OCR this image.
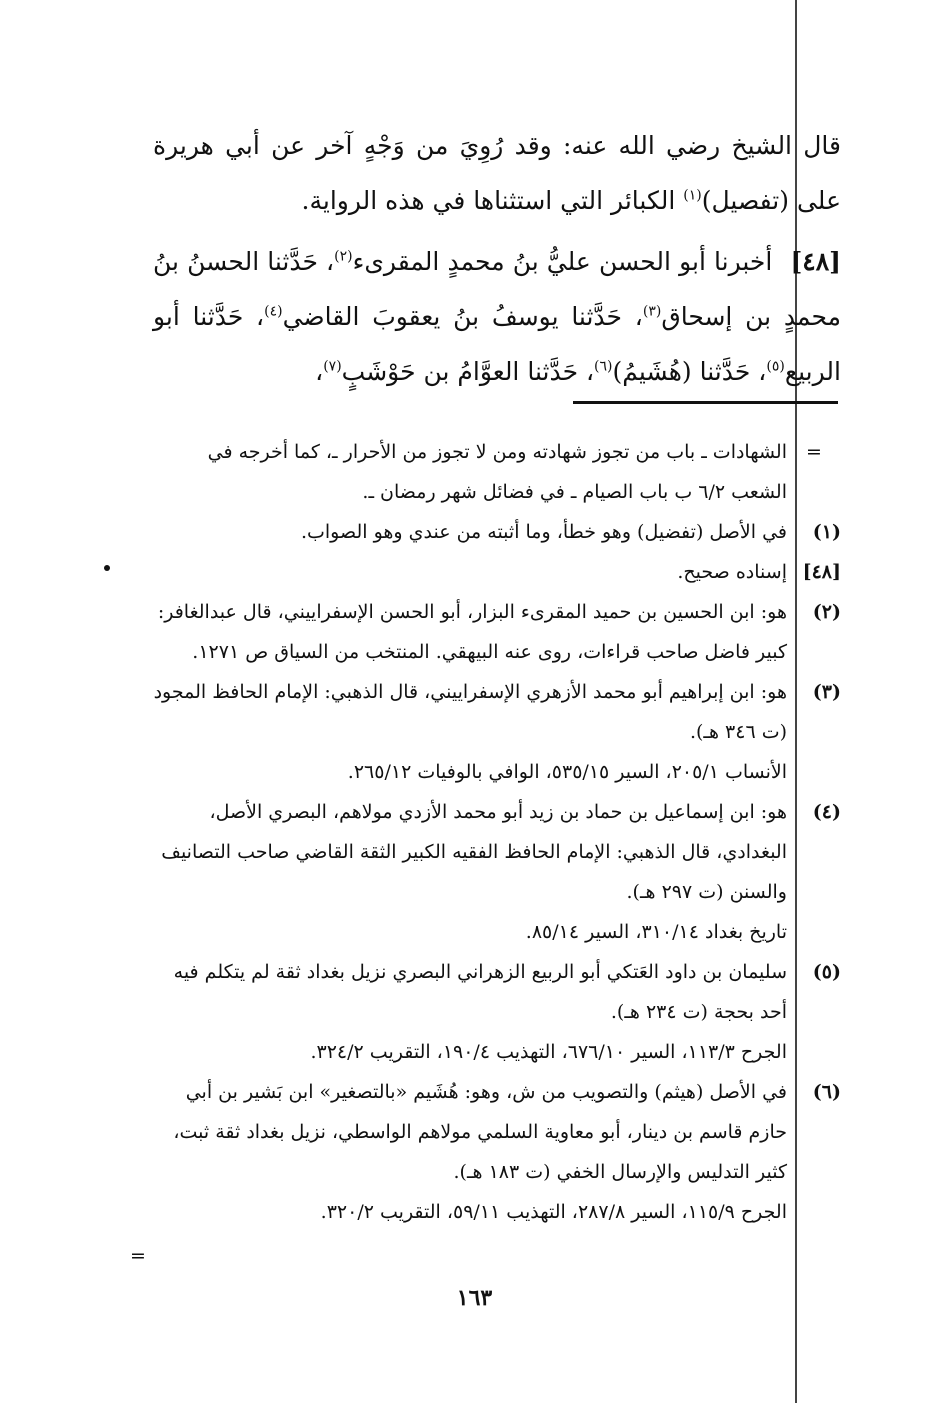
قال الشيخ رضي الله عنه: وقد رُوِيَ من وَجْهٍ آخر عن أبي هريرة على (تفصيل)$^{(١)}$ الكبائر التي استثناها في هذه الرواية.

[٤٨] أخبرنا أبو الحسن عليُّ بنُ محمدٍ المقرىء$^{(٢)}$، حَدَّثنا الحسنُ بنُ محمدٍ بن إسحاق$^{(٣)}$، حَدَّثنا يوسفُ بنُ يعقوبَ القاضي$^{(٤)}$، حَدَّثنا أبو الربيع$^{(٥)}$، حَدَّثنا (هُشَيمُ)$^{(٦)}$، حَدَّثنا العوَّامُ بن حَوْشَبٍ$^{(٧)}$،

=

الشهادات ـ باب من تجوز شهادته ومن لا تجوز من الأحرار ـ، كما أخرجه في الشعب ٦/٢ ب باب الصيام ـ في فضائل شهر رمضان ـ.

(١)

في الأصل (تفضيل) وهو خطأ، وما أثبته من عندي وهو الصواب.

[٤٨]

إسناده صحيح.

(٢)

هو: ابن الحسين بن حميد المقرىء البزار، أبو الحسن الإسفراييني، قال عبدالغافر: كبير فاضل صاحب قراءات، روى عنه البيهقي. المنتخب من السياق ص ١٢٧١.

(٣)

هو: ابن إبراهيم أبو محمد الأزهري الإسفراييني، قال الذهبي: الإمام الحافظ المجود (ت ٣٤٦ هـ).

الأنساب ٢٠٥/١، السير ٥٣٥/١٥، الوافي بالوفيات ٢٦٥/١٢.

(٤)

هو: ابن إسماعيل بن حماد بن زيد أبو محمد الأزدي مولاهم، البصري الأصل، البغدادي، قال الذهبي: الإمام الحافظ الفقيه الكبير الثقة القاضي صاحب التصانيف والسنن (ت ٢٩٧ هـ).

تاريخ بغداد ٣١٠/١٤، السير ٨٥/١٤.

(٥)

سليمان بن داود العَتكي أبو الربيع الزهراني البصري نزيل بغداد ثقة لم يتكلم فيه أحد بحجة (ت ٢٣٤ هـ).

الجرح ١١٣/٣، السير ٦٧٦/١٠، التهذيب ١٩٠/٤، التقريب ٣٢٤/٢.

(٦)

في الأصل (هيثم) والتصويب من ش، وهو: هُشَيم «بالتصغير» ابن بَشير بن أبي حازم قاسم بن دينار، أبو معاوية السلمي مولاهم الواسطي، نزيل بغداد ثقة ثبت، كثير التدليس والإرسال الخفي (ت ١٨٣ هـ).

الجرح ١١٥/٩، السير ٢٨٧/٨، التهذيب ٥٩/١١، التقريب ٣٢٠/٢.

=
١٦٣
